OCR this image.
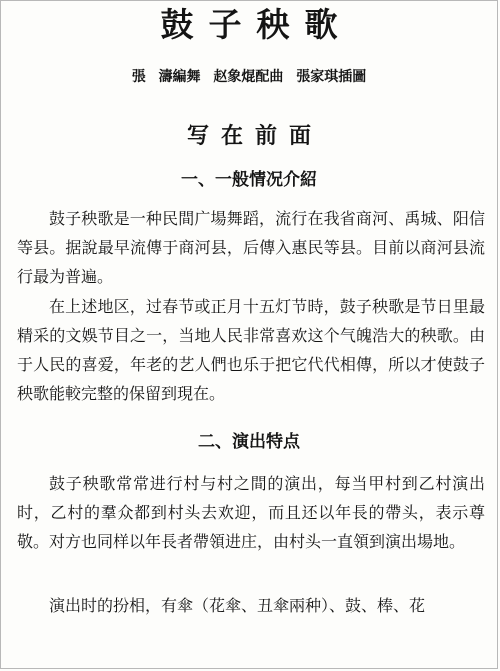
鼓子秧歌
張 濤編舞 赵象焜配曲 張家琪插圖
写在前面
一、一般情况介紹

鼓子秧歌是一种民間广場舞蹈，流行在我省商河、禹城、阳信等县。据說最早流傳于商河县，后傳入惠民等县。目前以商河县流行最为普遍。

在上述地区，过春节或正月十五灯节時，鼓子秧歌是节日里最精采的文娛节目之一，当地人民非常喜欢这个气魄浩大的秧歌。由于人民的喜爱，年老的艺人們也乐于把它代代相傳，所以才使鼓子秧歌能較完整的保留到現在。

二、演出特点

鼓子秧歌常常进行村与村之間的演出，每当甲村到乙村演出时，乙村的羣众都到村头去欢迎，而且还以年長的帶头，表示尊敬。对方也同样以年長者帶領进庄，由村头一直領到演出場地。

演出时的扮相，有傘（花傘、丑傘兩种）、鼓、棒、花
